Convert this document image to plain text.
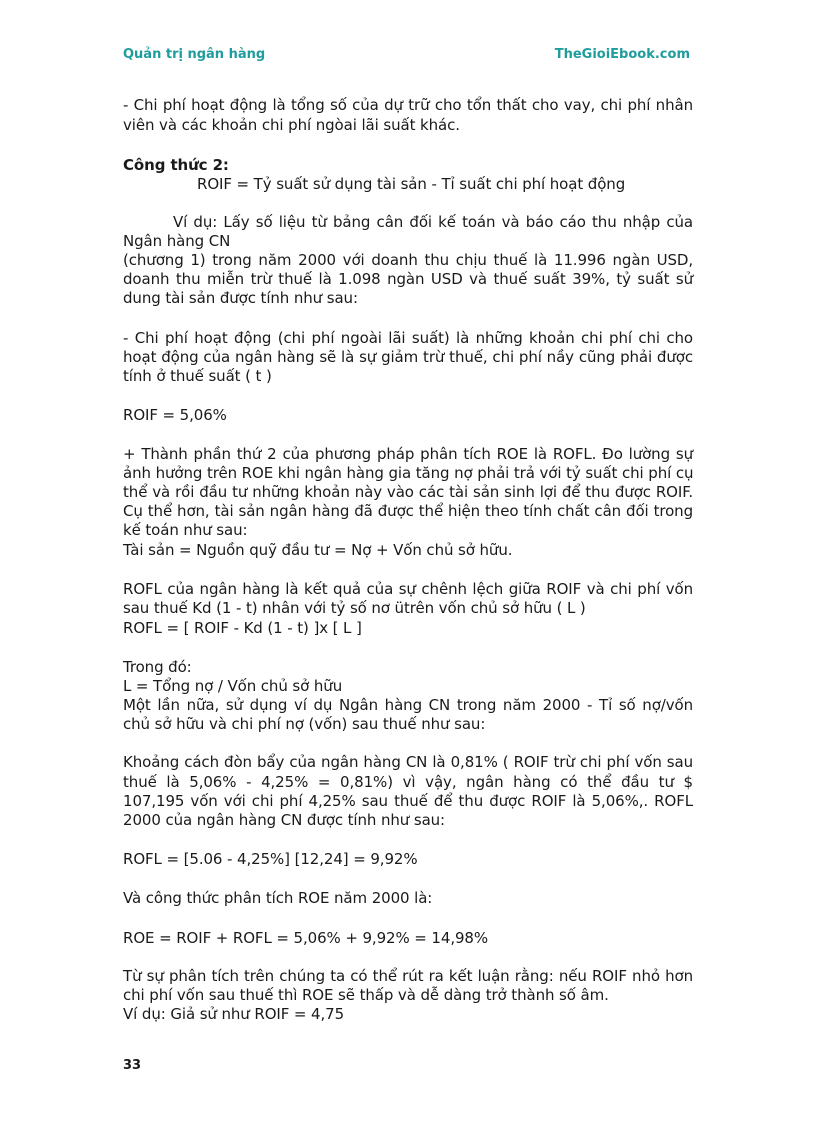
Quản trị ngân hàng	TheGioiEbook.com
- Chi phí hoạt động là tổng số của dự trữ cho tổn thất cho vay, chi phí nhân
viên và các khoản chi phí ngòai lãi suất khác.
Công thức 2:
ROIF = Tỷ suất sử dụng tài sản - Tỉ suất chi phí hoạt động
Ví dụ: Lấy số liệu từ bảng cân đối kế toán và báo cáo thu nhập của
Ngân hàng CN
(chương 1) trong năm 2000 với doanh thu chịu thuế là 11.996 ngàn USD,
doanh thu miễn trừ thuế là 1.098 ngàn USD và thuế suất 39%, tỷ suất sử
dung tài sản được tính như sau:
- Chi phí hoạt động (chi phí ngoài lãi suất) là những khoản chi phí chi cho
hoạt động của ngân hàng sẽ là sự giảm trừ thuế, chi phí nầy cũng phải được
tính ở thuế suất ( t )
ROIF = 5,06%
+ Thành phần thứ 2 của phương pháp phân tích ROE là ROFL. Đo lường sự
ảnh hưởng trên ROE khi ngân hàng gia tăng nợ phải trả với tỷ suất chi phí cụ
thể và rồi đầu tư những khoản này vào các tài sản sinh lợi để thu được ROIF.
Cụ thể hơn, tài sản ngân hàng đã được thể hiện theo tính chất cân đối trong
kế toán như sau:
Tài sản = Nguồn quỹ đầu tư = Nợ + Vốn chủ sở hữu.
ROFL của ngân hàng là kết quả của sự chênh lệch giữa ROIF và chi phí vốn
sau thuế Kd (1 - t) nhân với tỷ số nơ ütrên vốn chủ sở hữu ( L )
ROFL = [ ROIF - Kd (1 - t) ]x [ L ]
Trong đó:
L = Tổng nợ / Vốn chủ sở hữu
Một lần nữa, sử dụng ví dụ Ngân hàng CN trong năm 2000 - Tỉ số nợ/vốn
chủ sở hữu và chi phí nợ (vốn) sau thuế như sau:
Khoảng cách đòn bẩy của ngân hàng CN là 0,81% ( ROIF trừ chi phí vốn sau
thuế là 5,06% - 4,25% = 0,81%) vì vậy, ngân hàng có thể đầu tư $
107,195 vốn với chi phí 4,25% sau thuế để thu được ROIF là 5,06%,. ROFL
2000 của ngân hàng CN được tính như sau:
ROFL = [5.06 - 4,25%] [12,24] = 9,92%
Và công thức phân tích ROE năm 2000 là:
ROE = ROIF + ROFL = 5,06% + 9,92% = 14,98%
Từ sự phân tích trên chúng ta có thể rút ra kết luận rằng: nếu ROIF nhỏ hơn
chi phí vốn sau thuế thì ROE sẽ thấp và dễ dàng trở thành số âm.
Ví dụ: Giả sử như ROIF = 4,75
33
